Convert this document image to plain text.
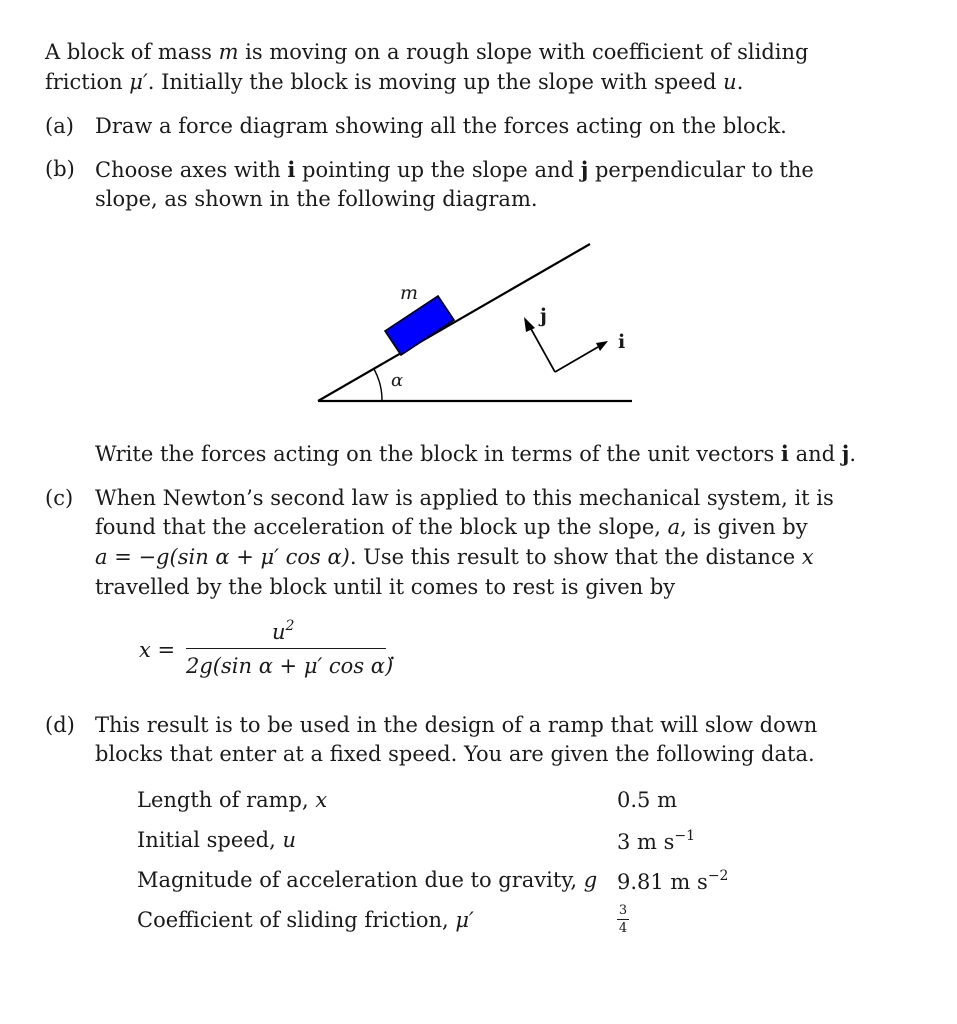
A block of mass m is moving on a rough slope with coefficient of sliding
friction μ′. Initially the block is moving up the slope with speed u.
(a) Draw a force diagram showing all the forces acting on the block.
(b) Choose axes with i pointing up the slope and j perpendicular to the
slope, as shown in the following diagram.
m
α
j
i
Write the forces acting on the block in terms of the unit vectors i and j.
(c) When Newton’s second law is applied to this mechanical system, it is
found that the acceleration of the block up the slope, a, is given by
a = −g(sin α + μ′ cos α). Use this result to show that the distance x
travelled by the block until it comes to rest is given by
x =
$u^2$
2g(sin α + μ′ cos α)
.
(d) This result is to be used in the design of a ramp that will slow down
blocks that enter at a fixed speed. You are given the following data.
Length of ramp, x	0.5 m
Initial speed, u	3 m $s^{-1}$
Magnitude of acceleration due to gravity, g 9.81 m $s^{-2}$
Coefficient of sliding friction, μ′	3
4
